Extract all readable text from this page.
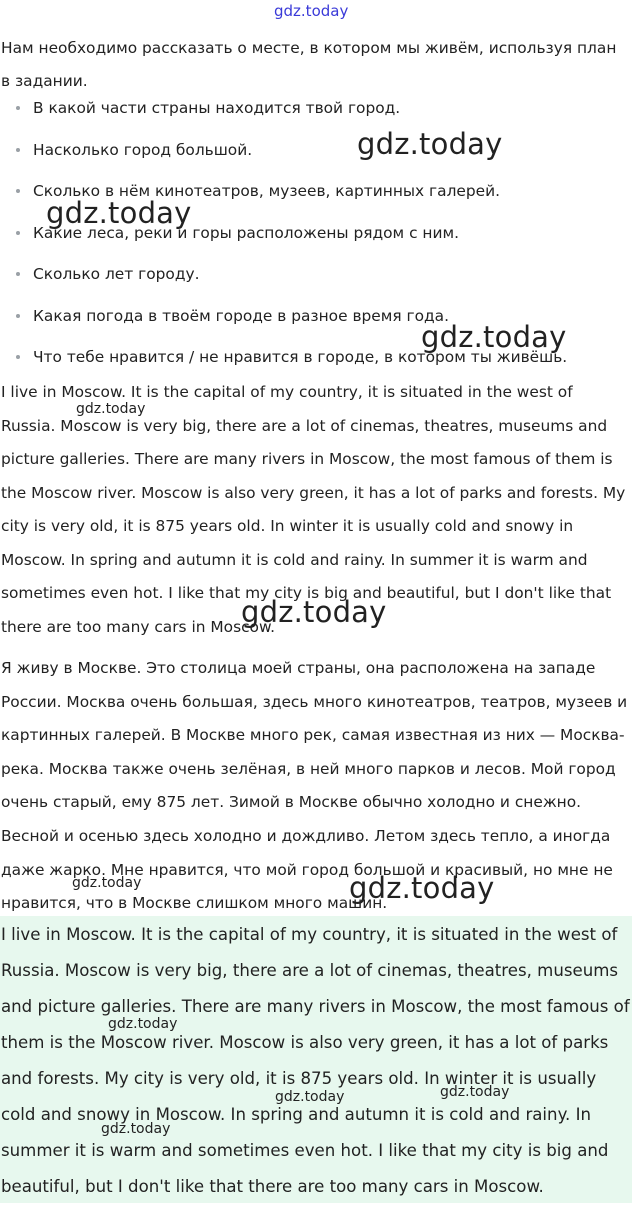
gdz.today
Нам необходимо рассказать о месте, в котором мы живём, используя план в задании.
В какой части страны находится твой город.
Насколько город большой.
Сколько в нём кинотеатров, музеев, картинных галерей.
Какие леса, реки и горы расположены рядом с ним.
Сколько лет городу.
Какая погода в твоём городе в разное время года.
Что тебе нравится / не нравится в городе, в котором ты живёшь.
I live in Moscow. It is the capital of my country, it is situated in the west of Russia. Moscow is very big, there are a lot of cinemas, theatres, museums and picture galleries. There are many rivers in Moscow, the most famous of them is the Moscow river. Moscow is also very green, it has a lot of parks and forests. My city is very old, it is 875 years old. In winter it is usually cold and snowy in Moscow. In spring and autumn it is cold and rainy. In summer it is warm and sometimes even hot. I like that my city is big and beautiful, but I don't like that there are too many cars in Moscow.
Я живу в Москве. Это столица моей страны, она расположена на западе России. Москва очень большая, здесь много кинотеатров, театров, музеев и картинных галерей. В Москве много рек, самая известная из них — Москва-река. Москва также очень зелёная, в ней много парков и лесов. Мой город очень старый, ему 875 лет. Зимой в Москве обычно холодно и снежно. Весной и осенью здесь холодно и дождливо. Летом здесь тепло, а иногда даже жарко. Мне нравится, что мой город большой и красивый, но мне не нравится, что в Москве слишком много машин.
I live in Moscow. It is the capital of my country, it is situated in the west of Russia. Moscow is very big, there are a lot of cinemas, theatres, museums and picture galleries. There are many rivers in Moscow, the most famous of them is the Moscow river. Moscow is also very green, it has a lot of parks and forests. My city is very old, it is 875 years old. In winter it is usually cold and snowy in Moscow. In spring and autumn it is cold and rainy. In summer it is warm and sometimes even hot. I like that my city is big and beautiful, but I don't like that there are too many cars in Moscow.
gdz.today
gdz.today
gdz.today
gdz.today
gdz.today
gdz.today	gdz.today
gdz.today
gdz.today	gdz.today
gdz.today
